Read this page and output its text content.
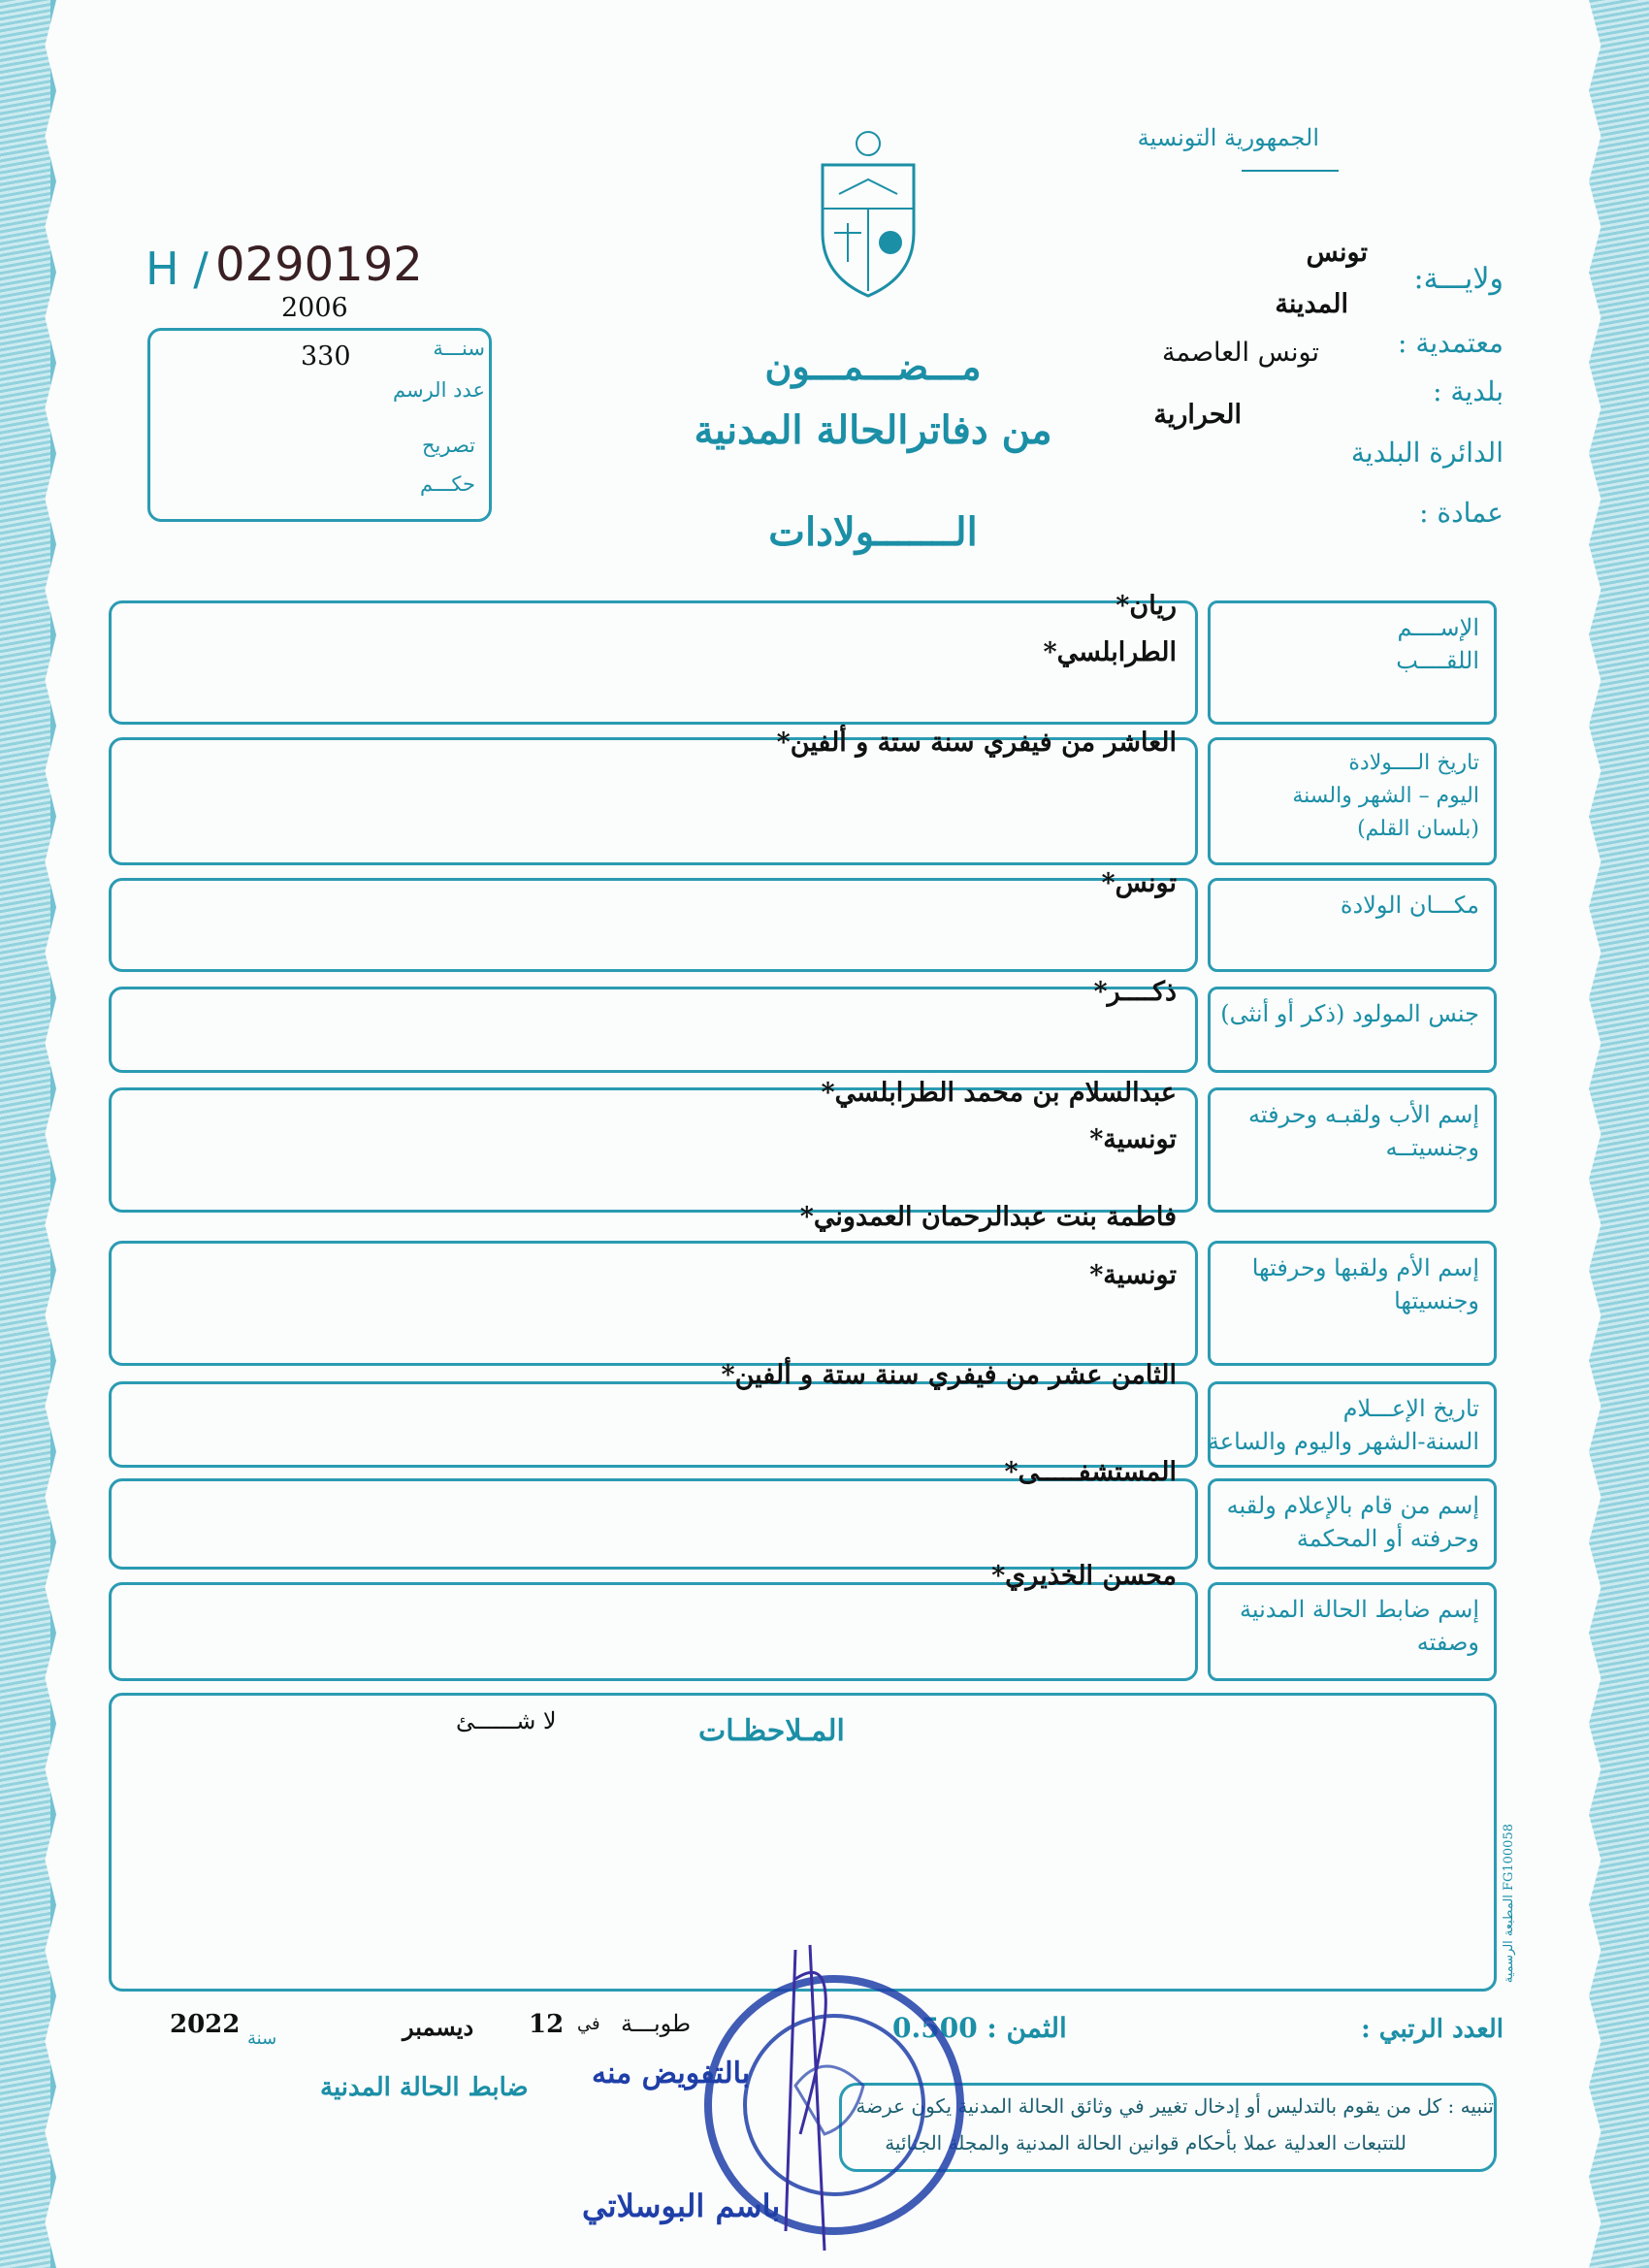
الجمهورية التونسية
ولايـــة:
تونس
المدينة
معتمدية :
تونس العاصمة
بلدية :
الحرارية
الدائرة البلدية
عمادة :
H / 0290192
2006
سنـــة
330
عدد الرسم
تصريح
حكـــم
مـــضـــمـــون
من دفاترالحالة المدنية
الـــــــولادات
الإســــم
اللقــــب
ريان*
الطرابلسي*
تاريخ الــــولادة
اليوم – الشهر والسنة
(بلسان القلم)
العاشر من فيفري سنة ستة و ألفين*
مكـــان الولادة
تونس*
جنس المولود (ذكر أو أنثى)
ذكــــر*
إسم الأب ولقبـه وحرفته
وجنسيتــه
عبدالسلام بن محمد الطرابلسي*
تونسية*
إسم الأم ولقبها وحرفتها
وجنسيتها
فاطمة بنت عبدالرحمان العمدوني*
تونسية*
تاريخ الإعـــلام
السنة-الشهر واليوم والساعة
الثامن عشر من فيفري سنة ستة و ألفين*
إسم من قام بالإعلام ولقبه
وحرفته أو المحكمة
المستشفـــــى*
إسم ضابط الحالة المدنية
وصفته
محسن الخذيري*
المـلاحظـات
لا شــــــئ
المطبعة الرسمية FG100058
العدد الرتبي :
الثمن : 0.500
طوبـــة
في
12
ديسمبر
سنة
2022
ضابط الحالة المدنية
تنبيه : كل من يقوم بالتدليس أو إدخال تغيير في وثائق الحالة المدنية يكون عرضة
للتتبعات العدلية عملا بأحكام قوانين الحالة المدنية والمجلة الجنائية
بالتفويض منه
باسم البوسلاتي
